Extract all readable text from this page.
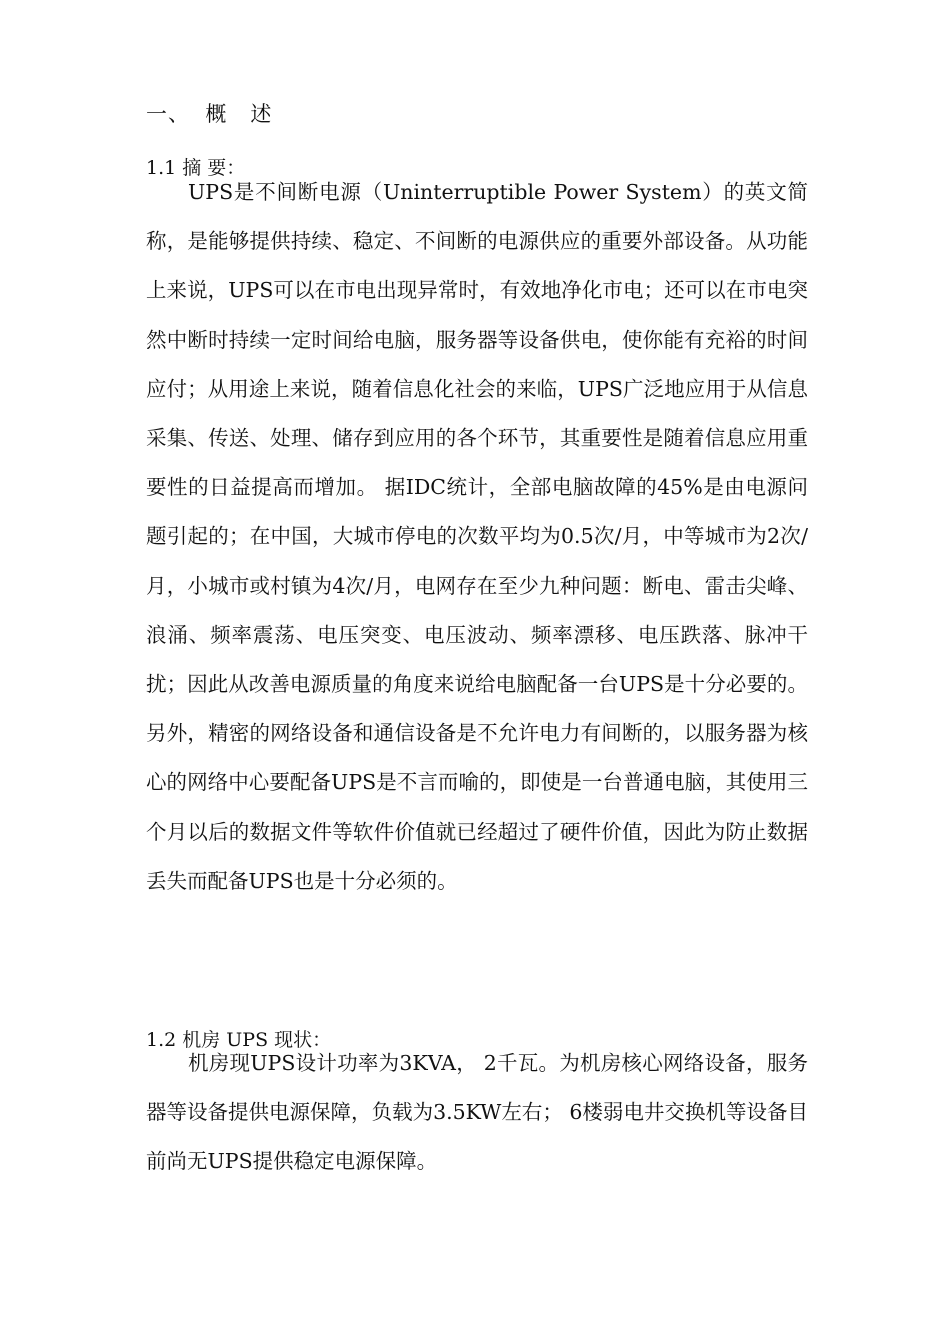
一、  概   述
1.1 摘 要：

UPS是不间断电源（Uninterruptible Power System）的英文简称，是能够提供持续、稳定、不间断的电源供应的重要外部设备。从功能上来说，UPS可以在市电出现异常时，有效地净化市电；还可以在市电突然中断时持续一定时间给电脑，服务器等设备供电，使你能有充裕的时间应付；从用途上来说，随着信息化社会的来临，UPS广泛地应用于从信息采集、传送、处理、储存到应用的各个环节，其重要性是随着信息应用重要性的日益提高而增加。 据IDC统计，全部电脑故障的45%是由电源问题引起的；在中国，大城市停电的次数平均为0.5次/月，中等城市为2次/月，小城市或村镇为4次/月，电网存在至少九种问题：断电、雷击尖峰、浪涌、频率震荡、电压突变、电压波动、频率漂移、电压跌落、脉冲干扰；因此从改善电源质量的角度来说给电脑配备一台UPS是十分必要的。另外，精密的网络设备和通信设备是不允许电力有间断的，以服务器为核心的网络中心要配备UPS是不言而喻的，即使是一台普通电脑，其使用三个月以后的数据文件等软件价值就已经超过了硬件价值，因此为防止数据丢失而配备UPS也是十分必须的。

1.2 机房 UPS 现状：

机房现UPS设计功率为3KVA， 2千瓦。为机房核心网络设备，服务器等设备提供电源保障，负载为3.5KW左右； 6楼弱电井交换机等设备目前尚无UPS提供稳定电源保障。
